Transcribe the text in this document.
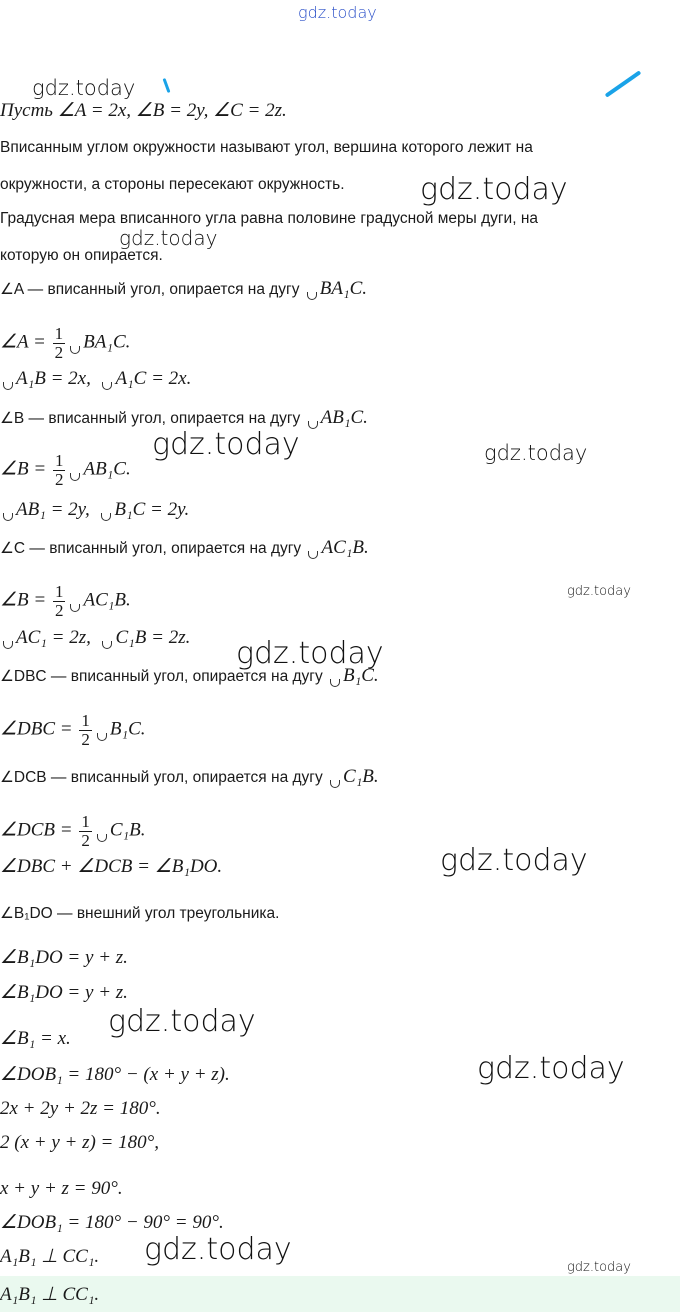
gdz.today
gdz.today
gdz.today
gdz.today
gdz.today	gdz.today
gdz.today
gdz.today
gdz.today
gdz.today
gdz.today
gdz.today
gdz.today
Пусть ∠A = 2x, ∠B = 2y, ∠C = 2z.
Вписанным углом окружности называют угол, вершина которого лежит на
окружности, а стороны пересекают окружность.
Градусная мера вписанного угла равна половине градусной меры дуги, на
которую он опирается.
∠A — вписанный угол, опирается на дугу BA₁C.
∠A = $\frac{1}{2} BA_1C$.
A₁B = 2x, A₁C = 2x.
∠B — вписанный угол, опирается на дугу AB₁C.
∠B = $\frac{1}{2} AB_1C$.
AB₁ = 2y, B₁C = 2y.
∠C — вписанный угол, опирается на дугу AC₁B.
∠B = $\frac{1}{2} AC_1B$.
AC₁ = 2z, C₁B = 2z.
∠DBC — вписанный угол, опирается на дугу B₁C.
∠DBC = $\frac{1}{2} B_1C$.
∠DCB — вписанный угол, опирается на дугу C₁B.
∠DCB = $\frac{1}{2} C_1B$.
∠DBC + ∠DCB = ∠B₁DO.
∠B₁DO — внешний угол треугольника.
∠B₁DO = y + z.
∠B₁DO = y + z.
∠B₁ = x.
∠DOB₁ = 180° − (x + y + z).
2x + 2y + 2z = 180°.
2 (x + y + z) = 180°,
x + y + z = 90°.
∠DOB₁ = 180° − 90° = 90°.
A₁B₁ ⊥ CC₁.
A₁B₁ ⊥ CC₁.
